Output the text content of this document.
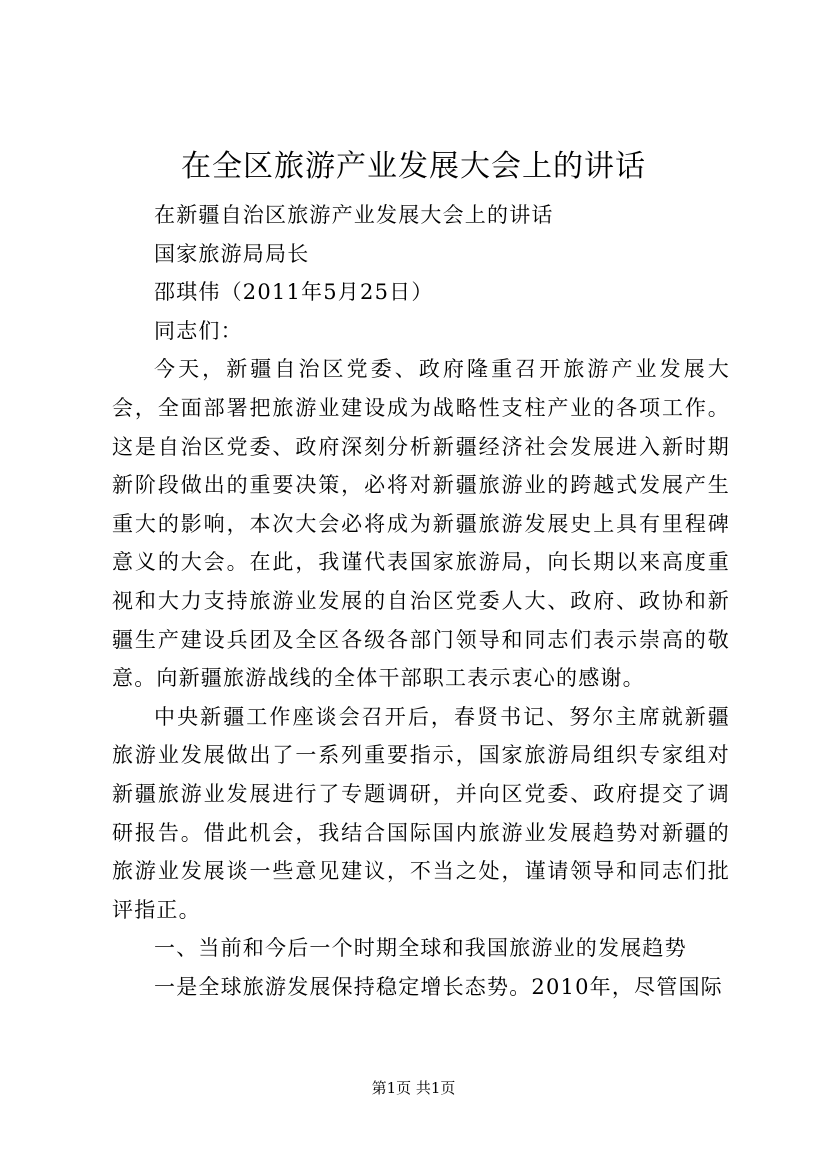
在全区旅游产业发展大会上的讲话

在新疆自治区旅游产业发展大会上的讲话

国家旅游局局长

邵琪伟（2011年5月25日）

同志们：

今天，新疆自治区党委、政府隆重召开旅游产业发展大会，全面部署把旅游业建设成为战略性支柱产业的各项工作。这是自治区党委、政府深刻分析新疆经济社会发展进入新时期新阶段做出的重要决策，必将对新疆旅游业的跨越式发展产生重大的影响，本次大会必将成为新疆旅游发展史上具有里程碑意义的大会。在此，我谨代表国家旅游局，向长期以来高度重视和大力支持旅游业发展的自治区党委人大、政府、政协和新疆生产建设兵团及全区各级各部门领导和同志们表示崇高的敬意。向新疆旅游战线的全体干部职工表示衷心的感谢。

中央新疆工作座谈会召开后，春贤书记、努尔主席就新疆旅游业发展做出了一系列重要指示，国家旅游局组织专家组对新疆旅游业发展进行了专题调研，并向区党委、政府提交了调研报告。借此机会，我结合国际国内旅游业发展趋势对新疆的旅游业发展谈一些意见建议，不当之处，谨请领导和同志们批评指正。

一、当前和今后一个时期全球和我国旅游业的发展趋势

一是全球旅游发展保持稳定增长态势。2010年，尽管国际

第1页 共1页
